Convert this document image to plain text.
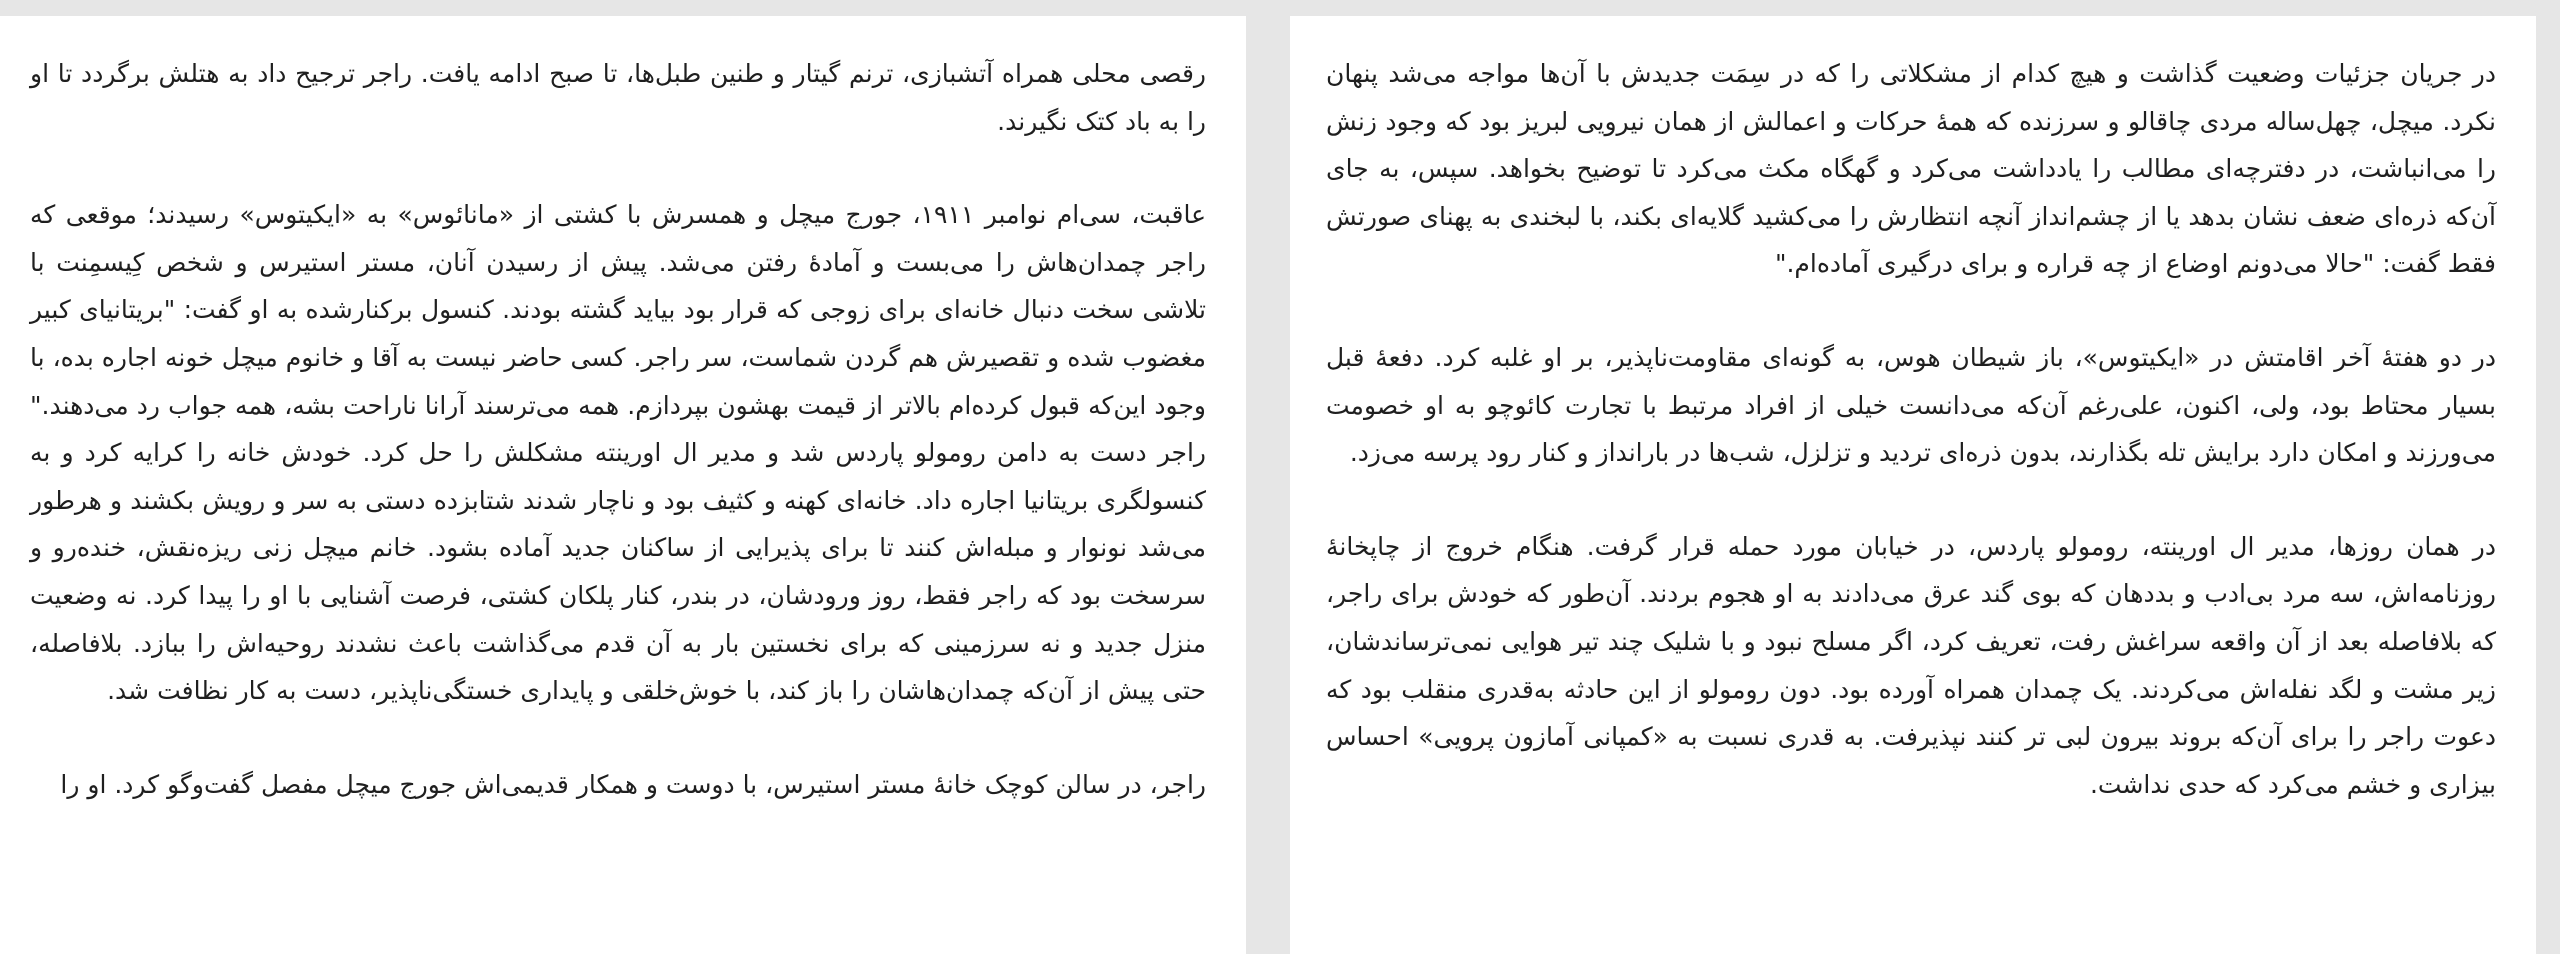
رقصی محلی همراه آتشبازی، ترنم گیتار و طنین طبل‌ها، تا صبح ادامه یافت. راجر ترجیح داد به هتلش برگردد تا او را به باد کتک نگیرند.

عاقبت، سی‌ام نوامبر ۱۹۱۱، جورج میچل و همسرش با کشتی از «مانائوس» به «ایکیتوس» رسیدند؛ موقعی که راجر چمدان‌هاش را می‌بست و آمادهٔ رفتن می‌شد. پیش از رسیدن آنان، مستر استیرس و شخص کِیسمِنت با تلاشی سخت دنبال خانه‌ای برای زوجی که قرار بود بیاید گشته بودند. کنسول برکنارشده به او گفت: "بریتانیای کبیر مغضوب شده و تقصیرش هم گردن شماست، سر راجر. کسی حاضر نیست به آقا و خانوم میچل خونه اجاره بده، با وجود این‌که قبول کرده‌ام بالاتر از قیمت بهشون بپردازم. همه می‌ترسند آرانا ناراحت بشه، همه جواب رد می‌دهند." راجر دست به دامن رومولو پاردس شد و مدیر ال اورینته مشکلش را حل کرد. خودش خانه را کرایه کرد و به کنسولگری بریتانیا اجاره داد. خانه‌ای کهنه و کثیف بود و ناچار شدند شتابزده دستی به سر و رویش بکشند و هرطور می‌شد نونوار و مبله‌اش کنند تا برای پذیرایی از ساکنان جدید آماده بشود. خانم میچل زنی ریزه‌نقش، خنده‌رو و سرسخت بود که راجر فقط، روز ورودشان، در بندر، کنار پلکان کشتی، فرصت آشنایی با او را پیدا کرد. نه وضعیت منزل جدید و نه سرزمینی که برای نخستین بار به آن قدم می‌گذاشت باعث نشدند روحیه‌اش را ببازد. بلافاصله، حتی پیش از آن‌که چمدان‌هاشان را باز کند، با خوش‌خلقی و پایداری خستگی‌ناپذیر، دست به کار نظافت شد.

راجر، در سالن کوچک خانهٔ مستر استیرس، با دوست و همکار قدیمی‌اش جورج میچل مفصل گفت‌وگو کرد. او را

در جریان جزئیات وضعیت گذاشت و هیچ کدام از مشکلاتی را که در سِمَت جدیدش با آن‌ها مواجه می‌شد پنهان نکرد. میچل، چهل‌ساله مردی چاقالو و سرزنده که همهٔ حرکات و اعمالش از همان نیرویی لبریز بود که وجود زنش را می‌انباشت، در دفترچه‌ای مطالب را یادداشت می‌کرد و گهگاه مکث می‌کرد تا توضیح بخواهد. سپس، به جای آن‌که ذره‌ای ضعف نشان بدهد یا از چشم‌انداز آنچه انتظارش را می‌کشید گلایه‌ای بکند، با لبخندی به پهنای صورتش فقط گفت: "حالا می‌دونم اوضاع از چه قراره و برای درگیری آماده‌ام."

در دو هفتهٔ آخر اقامتش در «ایکیتوس»، باز شیطان هوس، به گونه‌ای مقاومت‌ناپذیر، بر او غلبه کرد. دفعهٔ قبل بسیار محتاط بود، ولی، اکنون، علی‌رغم آن‌که می‌دانست خیلی از افراد مرتبط با تجارت کائوچو به او خصومت می‌ورزند و امکان دارد برایش تله بگذارند، بدون ذره‌ای تردید و تزلزل، شب‌ها در بارانداز و کنار رود پرسه می‌زد.

در همان روزها، مدیر ال اورینته، رومولو پاردس، در خیابان مورد حمله قرار گرفت. هنگام خروج از چاپخانهٔ روزنامه‌اش، سه مرد بی‌ادب و بددهان که بوی گند عرق می‌دادند به او هجوم بردند. آن‌طور که خودش برای راجر، که بلافاصله بعد از آن واقعه سراغش رفت، تعریف کرد، اگر مسلح نبود و با شلیک چند تیر هوایی نمی‌ترساندشان، زیر مشت و لگد نفله‌اش می‌کردند. یک چمدان همراه آورده بود. دون رومولو از این حادثه به‌قدری منقلب بود که دعوت راجر را برای آن‌که بروند بیرون لبی تر کنند نپذیرفت. به قدری نسبت به «کمپانی آمازون پرویی» احساس بیزاری و خشم می‌کرد که حدی نداشت.
